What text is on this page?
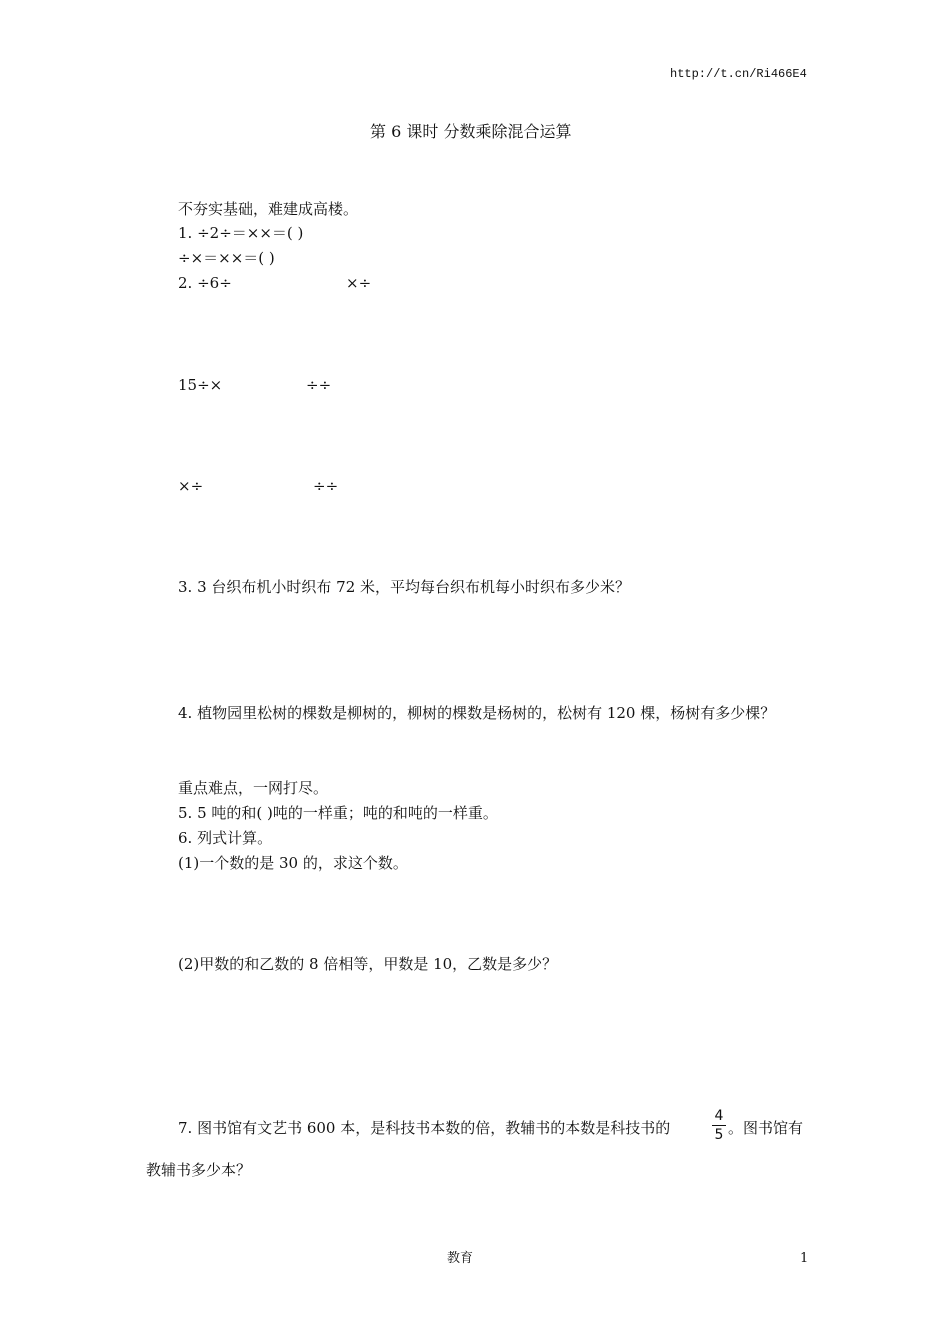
http://t.cn/Ri466E4
第 6 课时 分数乘除混合运算
不夯实基础，难建成高楼。
1. ÷2÷＝××＝( )
÷×＝××＝( )
2. ÷6÷	×÷
15÷×	÷÷
×÷	÷÷
3. 3 台织布机小时织布 72 米，平均每台织布机每小时织布多少米？
4. 植物园里松树的棵数是柳树的，柳树的棵数是杨树的，松树有 120 棵，杨树有多少棵？
重点难点，一网打尽。
5. 5 吨的和( )吨的一样重；吨的和吨的一样重。
6. 列式计算。
(1)一个数的是 30 的，求这个数。
(2)甲数的和乙数的 8 倍相等，甲数是 10，乙数是多少？
7. 图书馆有文艺书 600 本，是科技书本数的倍，教辅书的本数是科技书的
4
5 。图书馆有
教辅书多少本？
教育	1
